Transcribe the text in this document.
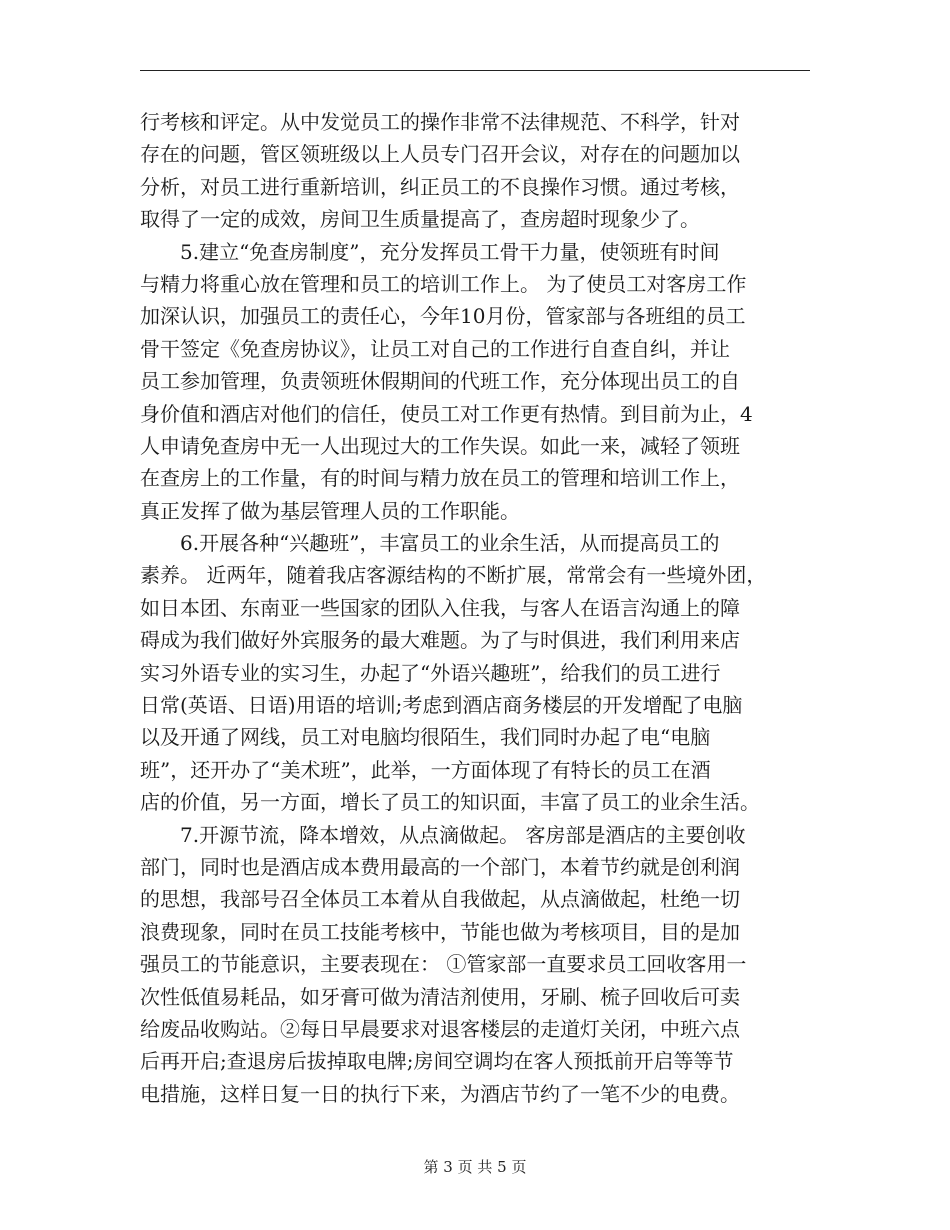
行考核和评定。从中发觉员工的操作非常不法律规范、不科学，针对
存在的问题，管区领班级以上人员专门召开会议，对存在的问题加以
分析，对员工进行重新培训，纠正员工的不良操作习惯。通过考核，
取得了一定的成效，房间卫生质量提高了，查房超时现象少了。
5.建立“免查房制度”，充分发挥员工骨干力量，使领班有时间
与精力将重心放在管理和员工的培训工作上。 为了使员工对客房工作
加深认识，加强员工的责任心，今年10月份，管家部与各班组的员工
骨干签定《免查房协议》，让员工对自己的工作进行自查自纠，并让
员工参加管理，负责领班休假期间的代班工作，充分体现出员工的自
身价值和酒店对他们的信任，使员工对工作更有热情。到目前为止，4
人申请免查房中无一人出现过大的工作失误。如此一来，减轻了领班
在查房上的工作量，有的时间与精力放在员工的管理和培训工作上，
真正发挥了做为基层管理人员的工作职能。
6.开展各种“兴趣班”，丰富员工的业余生活，从而提高员工的
素养。 近两年，随着我店客源结构的不断扩展，常常会有一些境外团，
如日本团、东南亚一些国家的团队入住我，与客人在语言沟通上的障
碍成为我们做好外宾服务的最大难题。为了与时俱进，我们利用来店
实习外语专业的实习生，办起了“外语兴趣班”，给我们的员工进行
日常(英语、日语)用语的培训;考虑到酒店商务楼层的开发增配了电脑
以及开通了网线，员工对电脑均很陌生，我们同时办起了电“电脑
班”，还开办了“美术班”，此举，一方面体现了有特长的员工在酒
店的价值，另一方面，增长了员工的知识面，丰富了员工的业余生活。
7.开源节流，降本增效，从点滴做起。 客房部是酒店的主要创收
部门，同时也是酒店成本费用最高的一个部门，本着节约就是创利润
的思想，我部号召全体员工本着从自我做起，从点滴做起，杜绝一切
浪费现象，同时在员工技能考核中，节能也做为考核项目，目的是加
强员工的节能意识，主要表现在： ①管家部一直要求员工回收客用一
次性低值易耗品，如牙膏可做为清洁剂使用，牙刷、梳子回收后可卖
给废品收购站。②每日早晨要求对退客楼层的走道灯关闭，中班六点
后再开启;查退房后拔掉取电牌;房间空调均在客人预抵前开启等等节
电措施，这样日复一日的执行下来，为酒店节约了一笔不少的电费。
第 3 页 共 5 页
